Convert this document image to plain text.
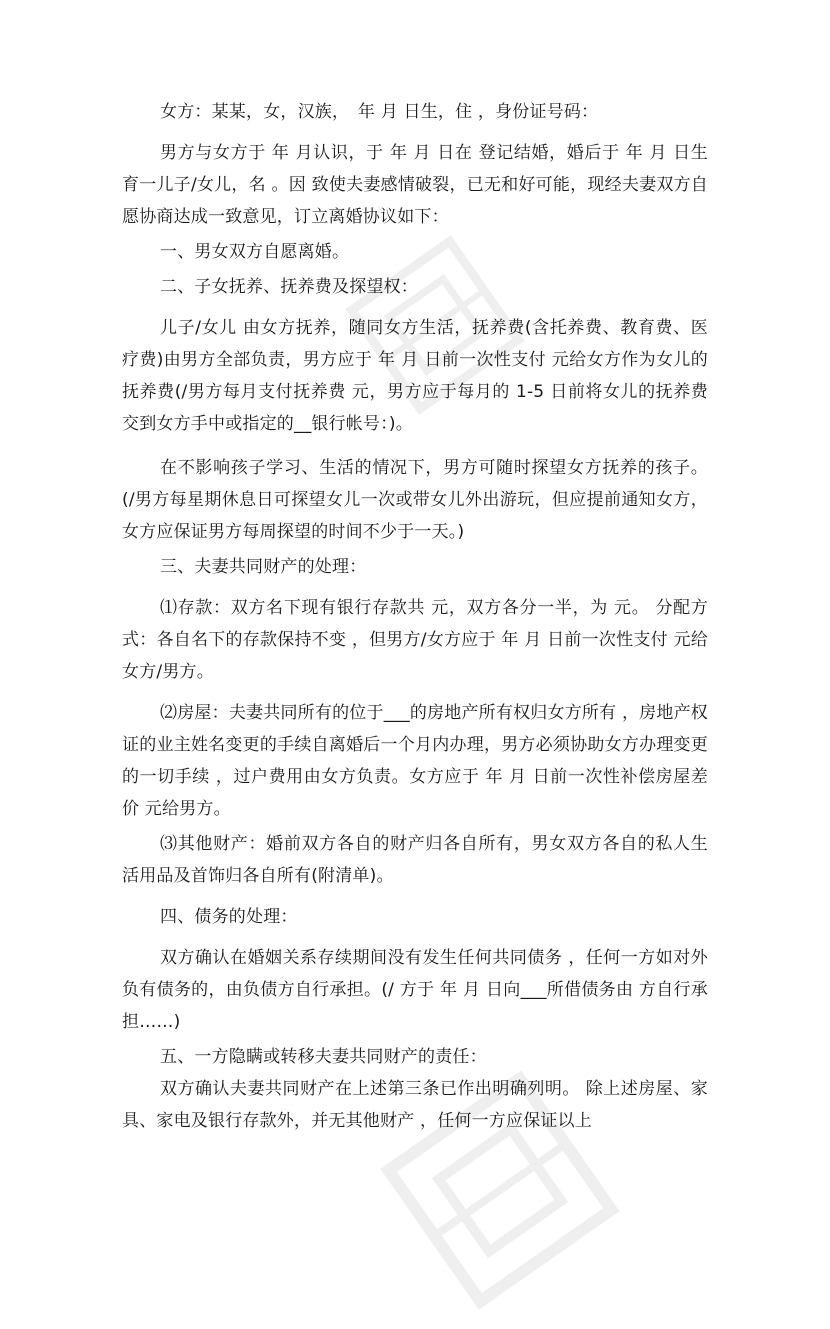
女方：某某，女，汉族，　年 月 日生，住 ，身份证号码：

男方与女方于 年 月认识，于 年 月 日在 登记结婚，婚后于 年 月 日生育一儿子/女儿，名 。因 致使夫妻感情破裂，已无和好可能，现经夫妻双方自愿协商达成一致意见，订立离婚协议如下：

一、男女双方自愿离婚。

二、子女抚养、抚养费及探望权：

儿子/女儿 由女方抚养，随同女方生活，抚养费(含托养费、教育费、医疗费)由男方全部负责，男方应于 年 月 日前一次性支付 元给女方作为女儿的抚养费(/男方每月支付抚养费 元，男方应于每月的 1-5 日前将女儿的抚养费交到女方手中或指定的__银行帐号：)。

在不影响孩子学习、生活的情况下，男方可随时探望女方抚养的孩子。 (/男方每星期休息日可探望女儿一次或带女儿外出游玩，但应提前通知女方，女方应保证男方每周探望的时间不少于一天。)

三、夫妻共同财产的处理：

⑴存款：双方名下现有银行存款共 元，双方各分一半，为 元。 分配方式：各自名下的存款保持不变 ，但男方/女方应于 年 月 日前一次性支付 元给女方/男方。

⑵房屋：夫妻共同所有的位于___的房地产所有权归女方所有 ，房地产权证的业主姓名变更的手续自离婚后一个月内办理，男方必须协助女方办理变更的一切手续 ，过户费用由女方负责。女方应于 年 月 日前一次性补偿房屋差价 元给男方。

⑶其他财产：婚前双方各自的财产归各自所有，男女双方各自的私人生活用品及首饰归各自所有(附清单)。

四、债务的处理：

双方确认在婚姻关系存续期间没有发生任何共同债务 ，任何一方如对外负有债务的，由负债方自行承担。(/ 方于 年 月 日向___所借债务由 方自行承担……)

五、一方隐瞒或转移夫妻共同财产的责任：

双方确认夫妻共同财产在上述第三条已作出明确列明。 除上述房屋、家具、家电及银行存款外，并无其他财产 ，任何一方应保证以上
